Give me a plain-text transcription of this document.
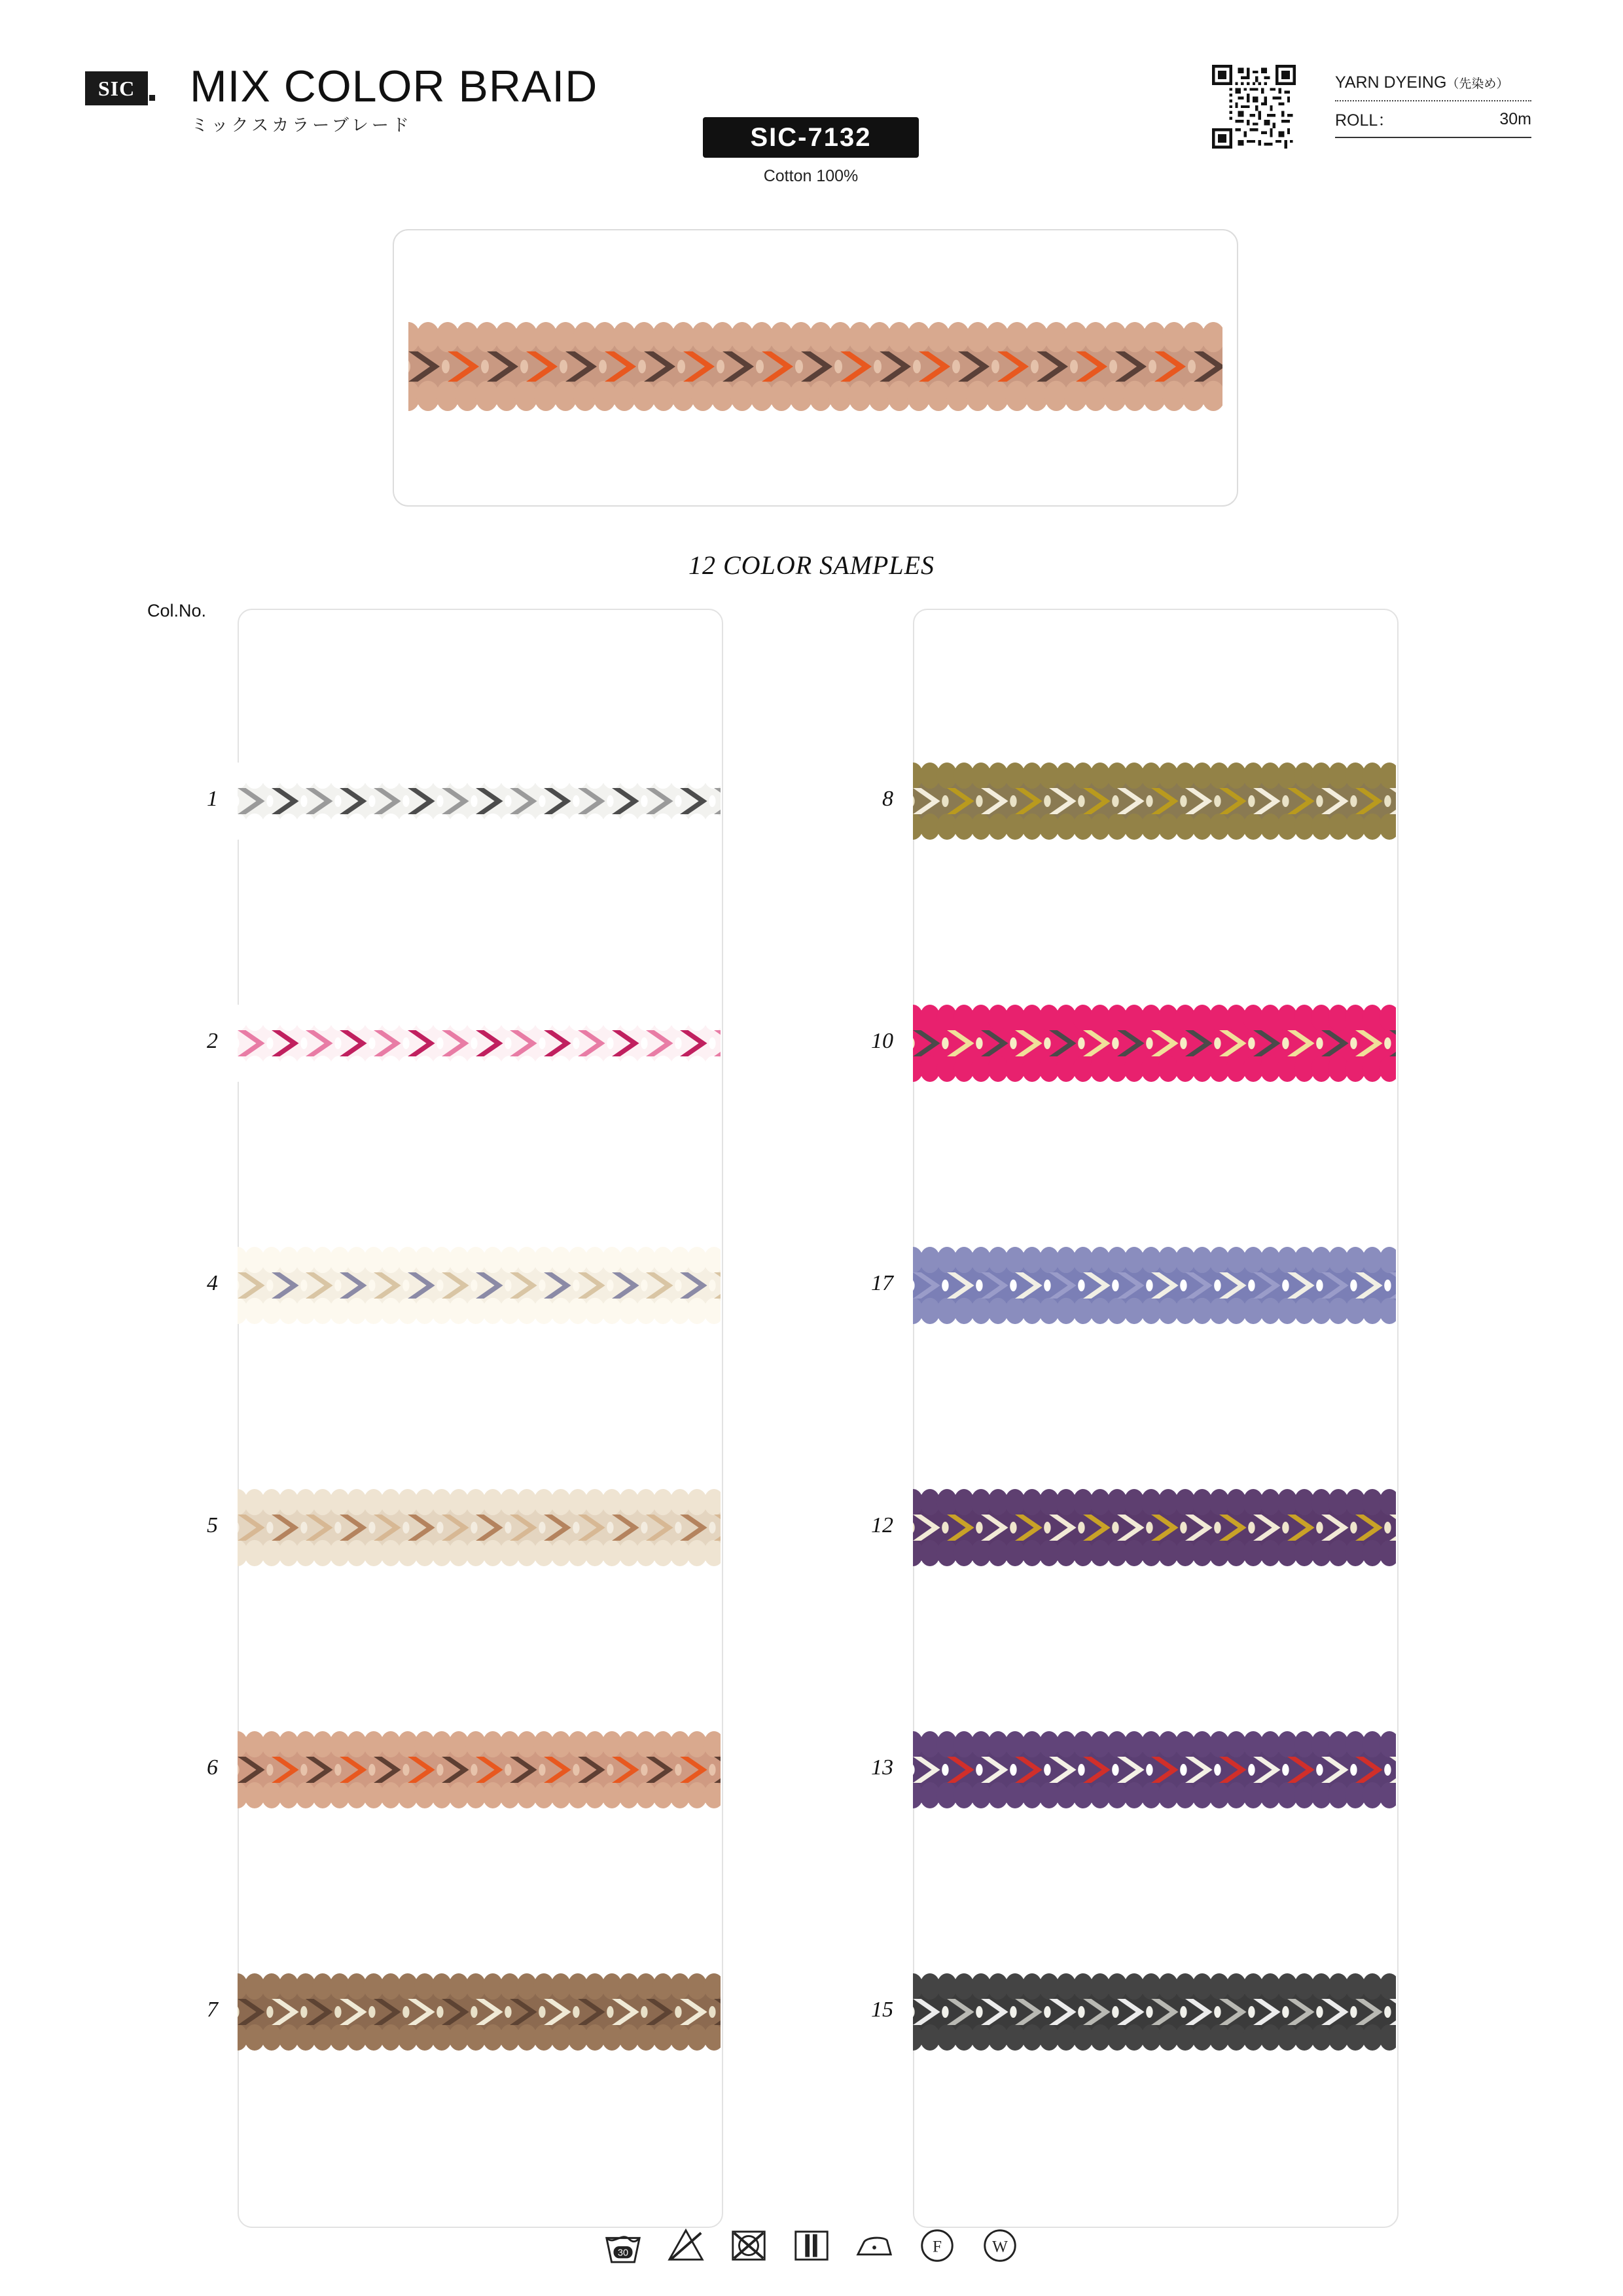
SIC MIX COLOR BRAID
ミックスカラーブレード	SIC-7132
Cotton 100%
YARN DYEING（先染め）
ROLL：	30m
12 COLOR SAMPLES
Col.No.
1
2
4
5
6
7
8
10
17
12
13
15
30	F	W
